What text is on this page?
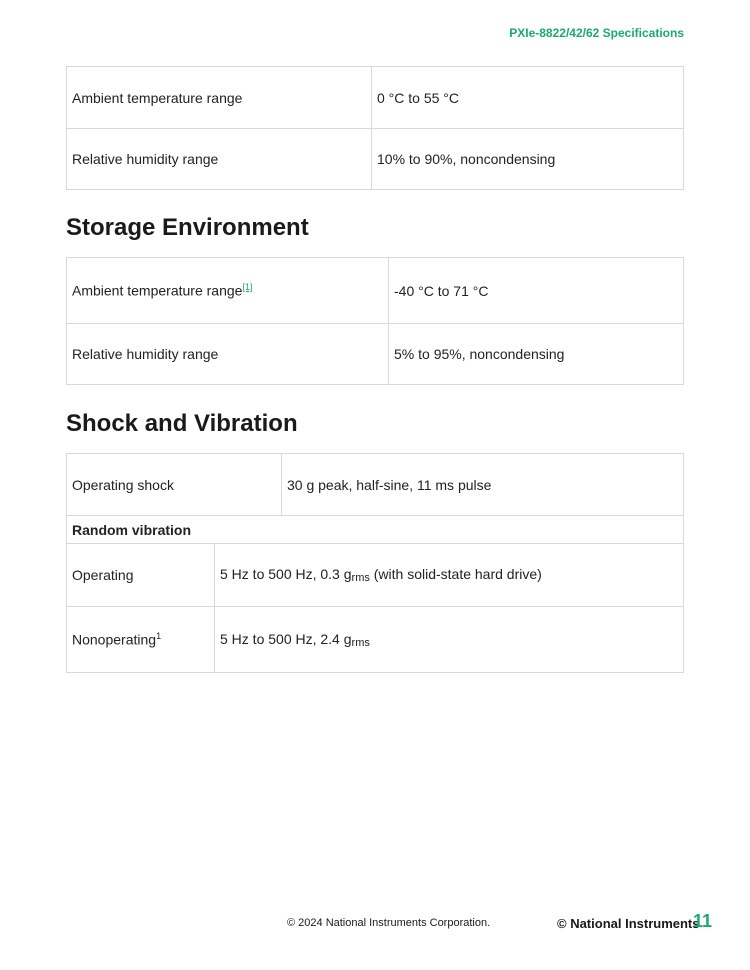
PXIe-8822/42/62 Specifications
Ambient temperature range	0 °C to 55 °C
Relative humidity range	10% to 90%, noncondensing
Storage Environment
Ambient temperature range[1]	-40 °C to 71 °C
Relative humidity range	5% to 95%, noncondensing
Shock and Vibration
Operating shock	30 g peak, half-sine, 11 ms pulse
Random vibration	
Operating	5 Hz to 500 Hz, 0.3 $g_{rms}$ (with solid-state hard drive)
Nonoperating$^1$	5 Hz to 500 Hz, 2.4 $g_{rms}$
© 2024 National Instruments Corporation.	© National Instruments
11
